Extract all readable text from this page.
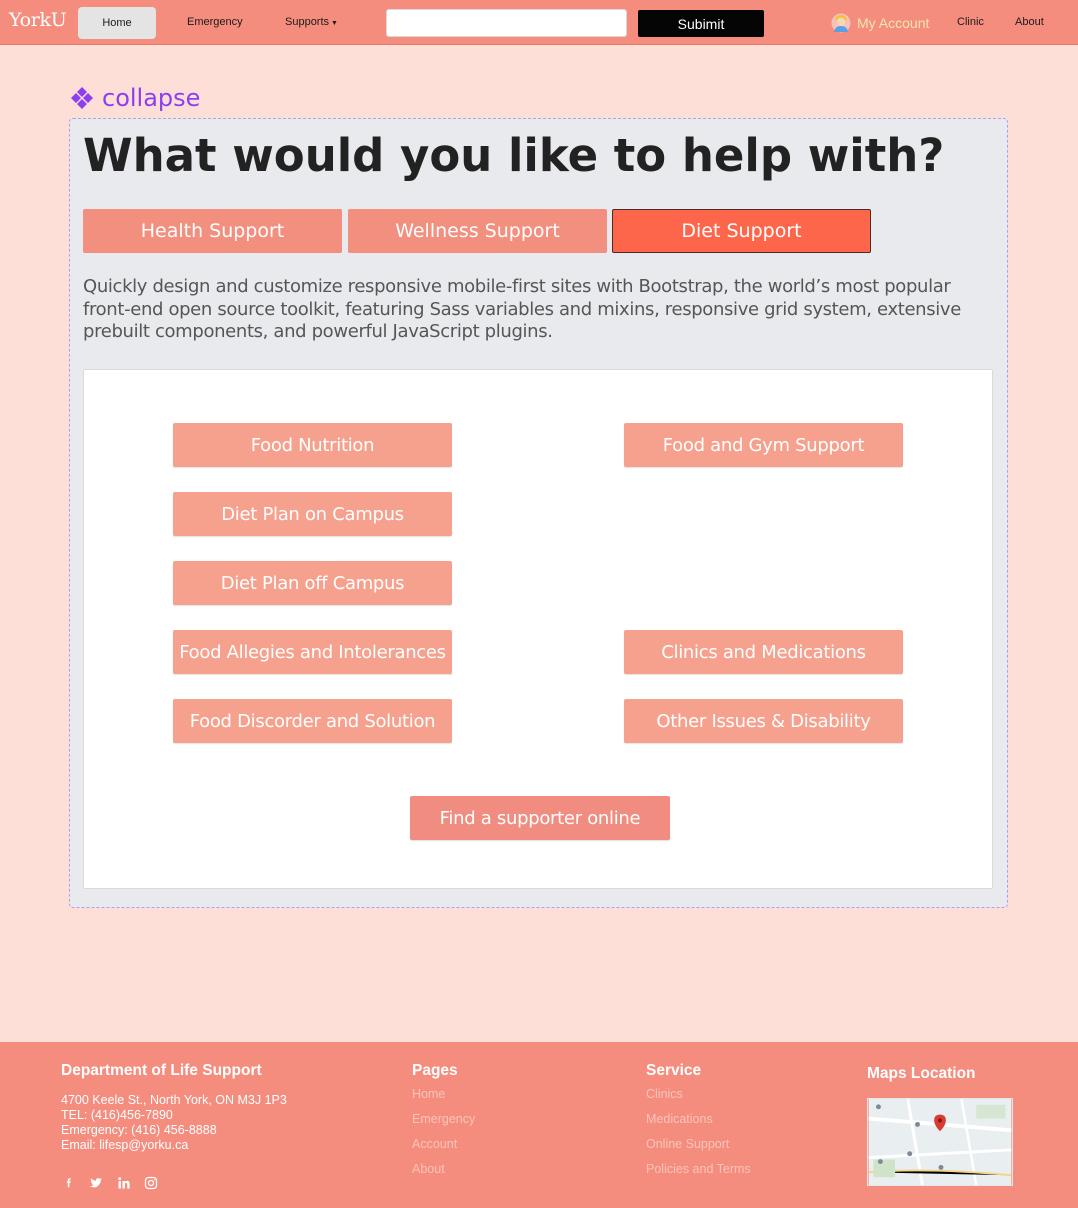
YorkU	Home	Emergency	Supports ▼	Subimit	My Account	Clinic	About
collapse
What would you like to help with?
Health Support	Wellness Support	Diet Support

Quickly design and customize responsive mobile-first sites with Bootstrap, the world’s most popular front-end open source toolkit, featuring Sass variables and mixins, responsive grid system, extensive prebuilt components, and powerful JavaScript plugins.

Food Nutrition	Food and Gym Support
Diet Plan on Campus
Diet Plan off Campus
Food Allegies and Intolerances	Clinics and Medications
Food Discorder and Solution	Other Issues & Disability
Find a supporter online
Department of Life Support
4700 Keele St., North York, ON M3J 1P3
TEL: (416)456-7890
Emergency: (416) 456-8888
Email: lifesp@yorku.ca
Pages
Home
Emergency
Account
About
Service
Clinics
Medications
Online Support
Policies and Terms
Maps Location
